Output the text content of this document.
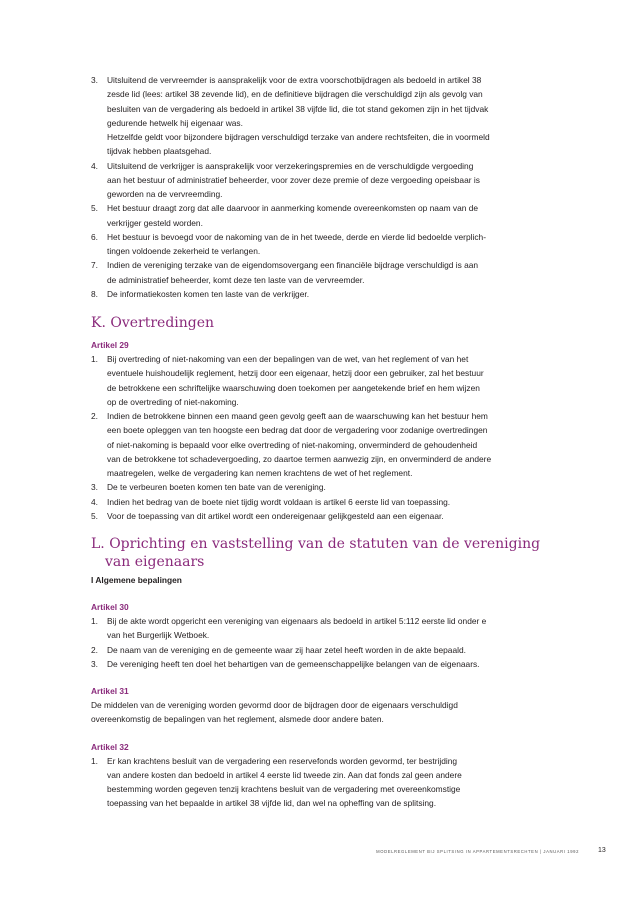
3. Uitsluitend de vervreemder is aansprakelijk voor de extra voorschotbijdragen als bedoeld in artikel 38
zesde lid (lees: artikel 38 zevende lid), en de definitieve bijdragen die verschuldigd zijn als gevolg van
besluiten van de vergadering als bedoeld in artikel 38 vijfde lid, die tot stand gekomen zijn in het tijdvak
gedurende hetwelk hij eigenaar was.
Hetzelfde geldt voor bijzondere bijdragen verschuldigd terzake van andere rechtsfeiten, die in voormeld
tijdvak hebben plaatsgehad.
4. Uitsluitend de verkrijger is aansprakelijk voor verzekeringspremies en de verschuldigde vergoeding
aan het bestuur of administratief beheerder, voor zover deze premie of deze vergoeding opeisbaar is
geworden na de vervreemding.
5. Het bestuur draagt zorg dat alle daarvoor in aanmerking komende overeenkomsten op naam van de
verkrijger gesteld worden.
6. Het bestuur is bevoegd voor de nakoming van de in het tweede, derde en vierde lid bedoelde verplich-
tingen voldoende zekerheid te verlangen.
7. Indien de vereniging terzake van de eigendomsovergang een financiële bijdrage verschuldigd is aan
de administratief beheerder, komt deze ten laste van de vervreemder.
8. De informatiekosten komen ten laste van de verkrijger.
K. Overtredingen
Artikel 29
1. Bij overtreding of niet-nakoming van een der bepalingen van de wet, van het reglement of van het
eventuele huishoudelijk reglement, hetzij door een eigenaar, hetzij door een gebruiker, zal het bestuur
de betrokkene een schriftelijke waarschuwing doen toekomen per aangetekende brief en hem wijzen
op de overtreding of niet-nakoming.
2. Indien de betrokkene binnen een maand geen gevolg geeft aan de waarschuwing kan het bestuur hem
een boete opleggen van ten hoogste een bedrag dat door de vergadering voor zodanige overtredingen
of niet-nakoming is bepaald voor elke overtreding of niet-nakoming, onverminderd de gehoudenheid
van de betrokkene tot schadevergoeding, zo daartoe termen aanwezig zijn, en onverminderd de andere
maatregelen, welke de vergadering kan nemen krachtens de wet of het reglement.
3. De te verbeuren boeten komen ten bate van de vereniging.
4. Indien het bedrag van de boete niet tijdig wordt voldaan is artikel 6 eerste lid van toepassing.
5. Voor de toepassing van dit artikel wordt een ondereigenaar gelijkgesteld aan een eigenaar.
L. Oprichting en vaststelling van de statuten van de vereniging
van eigenaars
I Algemene bepalingen
Artikel 30
1. Bij de akte wordt opgericht een vereniging van eigenaars als bedoeld in artikel 5:112 eerste lid onder e
van het Burgerlijk Wetboek.
2. De naam van de vereniging en de gemeente waar zij haar zetel heeft worden in de akte bepaald.
3. De vereniging heeft ten doel het behartigen van de gemeenschappelijke belangen van de eigenaars.
Artikel 31
De middelen van de vereniging worden gevormd door de bijdragen door de eigenaars verschuldigd
overeenkomstig de bepalingen van het reglement, alsmede door andere baten.
Artikel 32
1. Er kan krachtens besluit van de vergadering een reservefonds worden gevormd, ter bestrijding
van andere kosten dan bedoeld in artikel 4 eerste lid tweede zin. Aan dat fonds zal geen andere
bestemming worden gegeven tenzij krachtens besluit van de vergadering met overeenkomstige
toepassing van het bepaalde in artikel 38 vijfde lid, dan wel na opheffing van de splitsing.
MODELREGLEMENT BIJ SPLITSING IN APPARTEMENTSRECHTEN | JANUARI 1992	13
